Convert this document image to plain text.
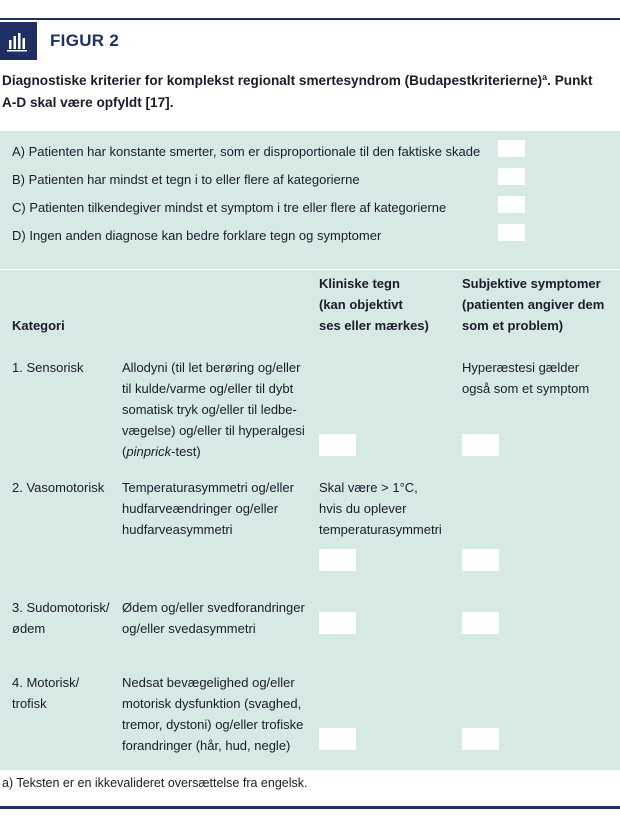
FIGUR 2
Diagnostiske kriterier for komplekst regionalt smertesyndrom (Budapestkriterierne)ª. Punkt
A-D skal være opfyldt [17].
A) Patienten har konstante smerter, som er disproportionale til den faktiske skade
B) Patienten har mindst et tegn i to eller flere af kategorierne
C) Patienten tilkendegiver mindst et symptom i tre eller flere af kategorierne
D) Ingen anden diagnose kan bedre forklare tegn og symptomer
Kliniske tegn
(kan objektivt
ses eller mærkes)
Subjektive symptomer
(patienten angiver dem
som et problem)
Kategori
1. Sensorisk	Allodyni (til let berøring og/eller
til kulde/varme og/eller til dybt
somatisk tryk og/eller til ledbe-
vægelse) og/eller til hyperalgesi
(pinprick-test)
Hyperæstesi gælder
også som et symptom
2. Vasomotorisk Temperaturasymmetri og/eller
hudfarveændringer og/eller
hudfarveasymmetri
Skal være > 1°C,
hvis du oplever
temperaturasymmetri
3. Sudomotorisk/
ødem
Ødem og/eller svedforandringer
og/eller svedasymmetri
4. Motorisk/
trofisk
Nedsat bevægelighed og/eller
motorisk dysfunktion (svaghed,
tremor, dystoni) og/eller trofiske
forandringer (hår, hud, negle)
a) Teksten er en ikkevalideret oversættelse fra engelsk.
